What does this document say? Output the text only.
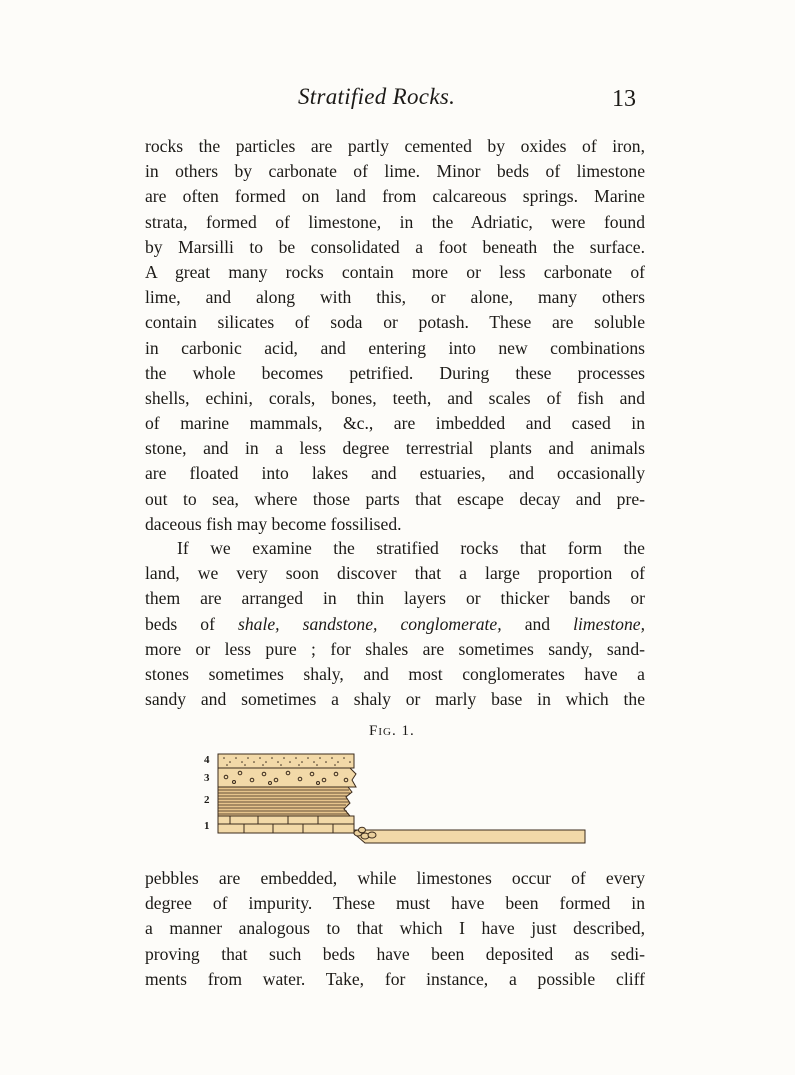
Stratified Rocks.	13
rocks the particles are partly cemented by oxides of iron,
in others by carbonate of lime. Minor beds of limestone
are often formed on land from calcareous springs. Marine
strata, formed of limestone, in the Adriatic, were found
by Marsilli to be consolidated a foot beneath the surface.
A great many rocks contain more or less carbonate of
lime, and along with this, or alone, many others
contain silicates of soda or potash. These are soluble
in carbonic acid, and entering into new combinations
the whole becomes petrified. During these processes
shells, echini, corals, bones, teeth, and scales of fish and
of marine mammals, &c., are imbedded and cased in
stone, and in a less degree terrestrial plants and animals
are floated into lakes and estuaries, and occasionally
out to sea, where those parts that escape decay and pre-
daceous fish may become fossilised.
If we examine the stratified rocks that form the
land, we very soon discover that a large proportion of
them are arranged in thin layers or thicker bands or
beds of shale, sandstone, conglomerate, and limestone,
more or less pure ; for shales are sometimes sandy, sand-
stones sometimes shaly, and most conglomerates have a
sandy and sometimes a shaly or marly base in which the
Fig. 1.
4
3
2
1
pebbles are embedded, while limestones occur of every
degree of impurity. These must have been formed in
a manner analogous to that which I have just described,
proving that such beds have been deposited as sedi-
ments from water. Take, for instance, a possible cliff
